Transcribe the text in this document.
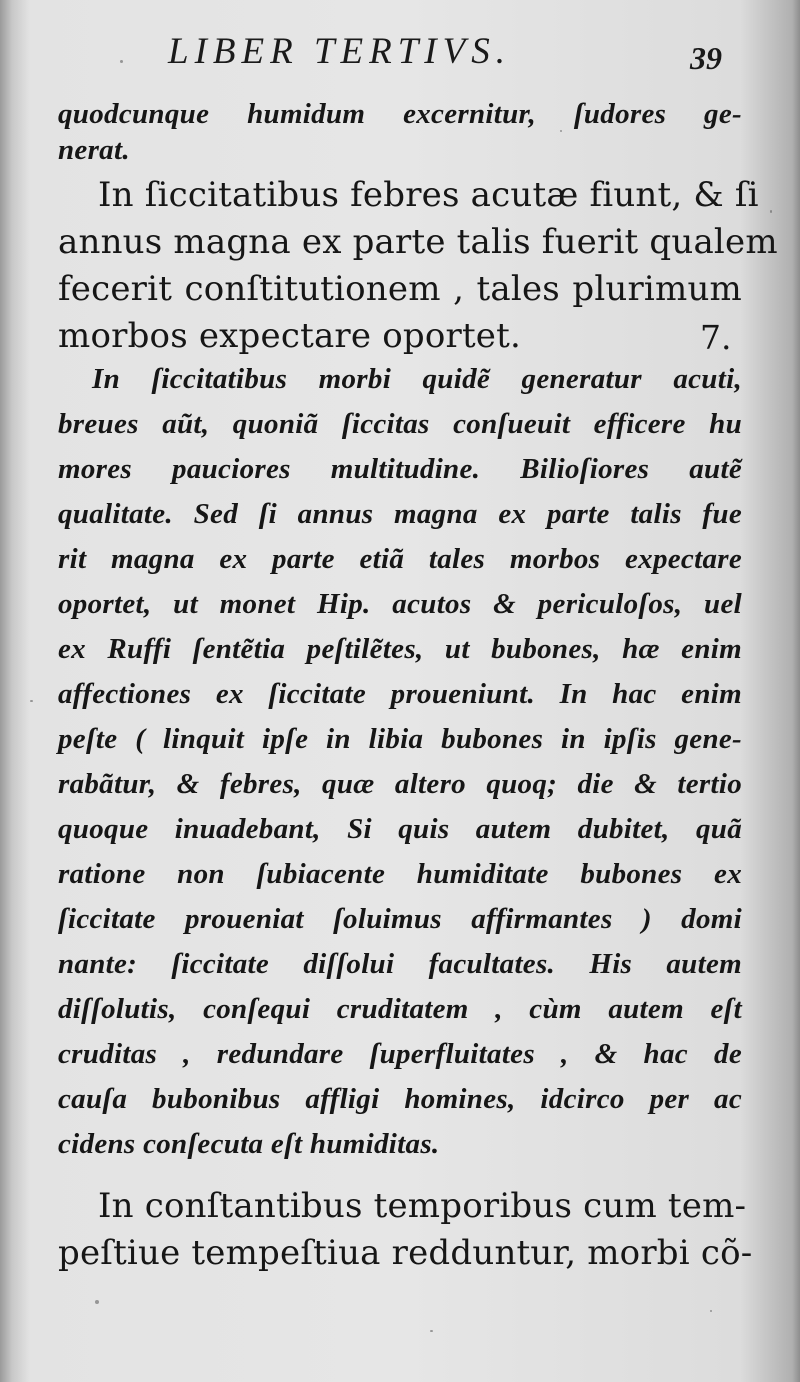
LIBER TERTIVS.	39
quodcunque humidum excernitur, ſudores ge-
nerat.
In ſiccitatibus febres acutæ fiunt, & ſi
annus magna ex parte talis fuerit qualem
fecerit conſtitutionem , tales plurimum
morbos expectare oportet.	7.
In ſiccitatibus morbi quidẽ generatur acuti,
breues aũt, quoniã ſiccitas conſueuit efficere hu
mores pauciores multitudine. Bilioſiores autẽ
qualitate. Sed ſi annus magna ex parte talis fue
rit magna ex parte etiã tales morbos expectare
oportet, ut monet Hip. acutos & periculoſos, uel
ex Ruffi ſentẽtia peſtilẽtes, ut bubones, hæ enim
affectiones ex ſiccitate proueniunt. In hac enim
peſte ( linquit ipſe in libia bubones in ipſis gene-
rabãtur, & febres, quæ altero quoq; die & tertio
quoque inuadebant, Si quis autem dubitet, quã
ratione non ſubiacente humiditate bubones ex
ſiccitate proueniat ſoluimus affirmantes ) domi
nante: ſiccitate diſſolui facultates. His autem
diſſolutis, conſequi cruditatem , cùm autem eſt
cruditas , redundare ſuperfluitates , & hac de
cauſa bubonibus affligi homines, idcirco per ac
cidens conſecuta eſt humiditas.
In conſtantibus temporibus cum tem-
peſtiue tempeſtiua redduntur, morbi cõ-
